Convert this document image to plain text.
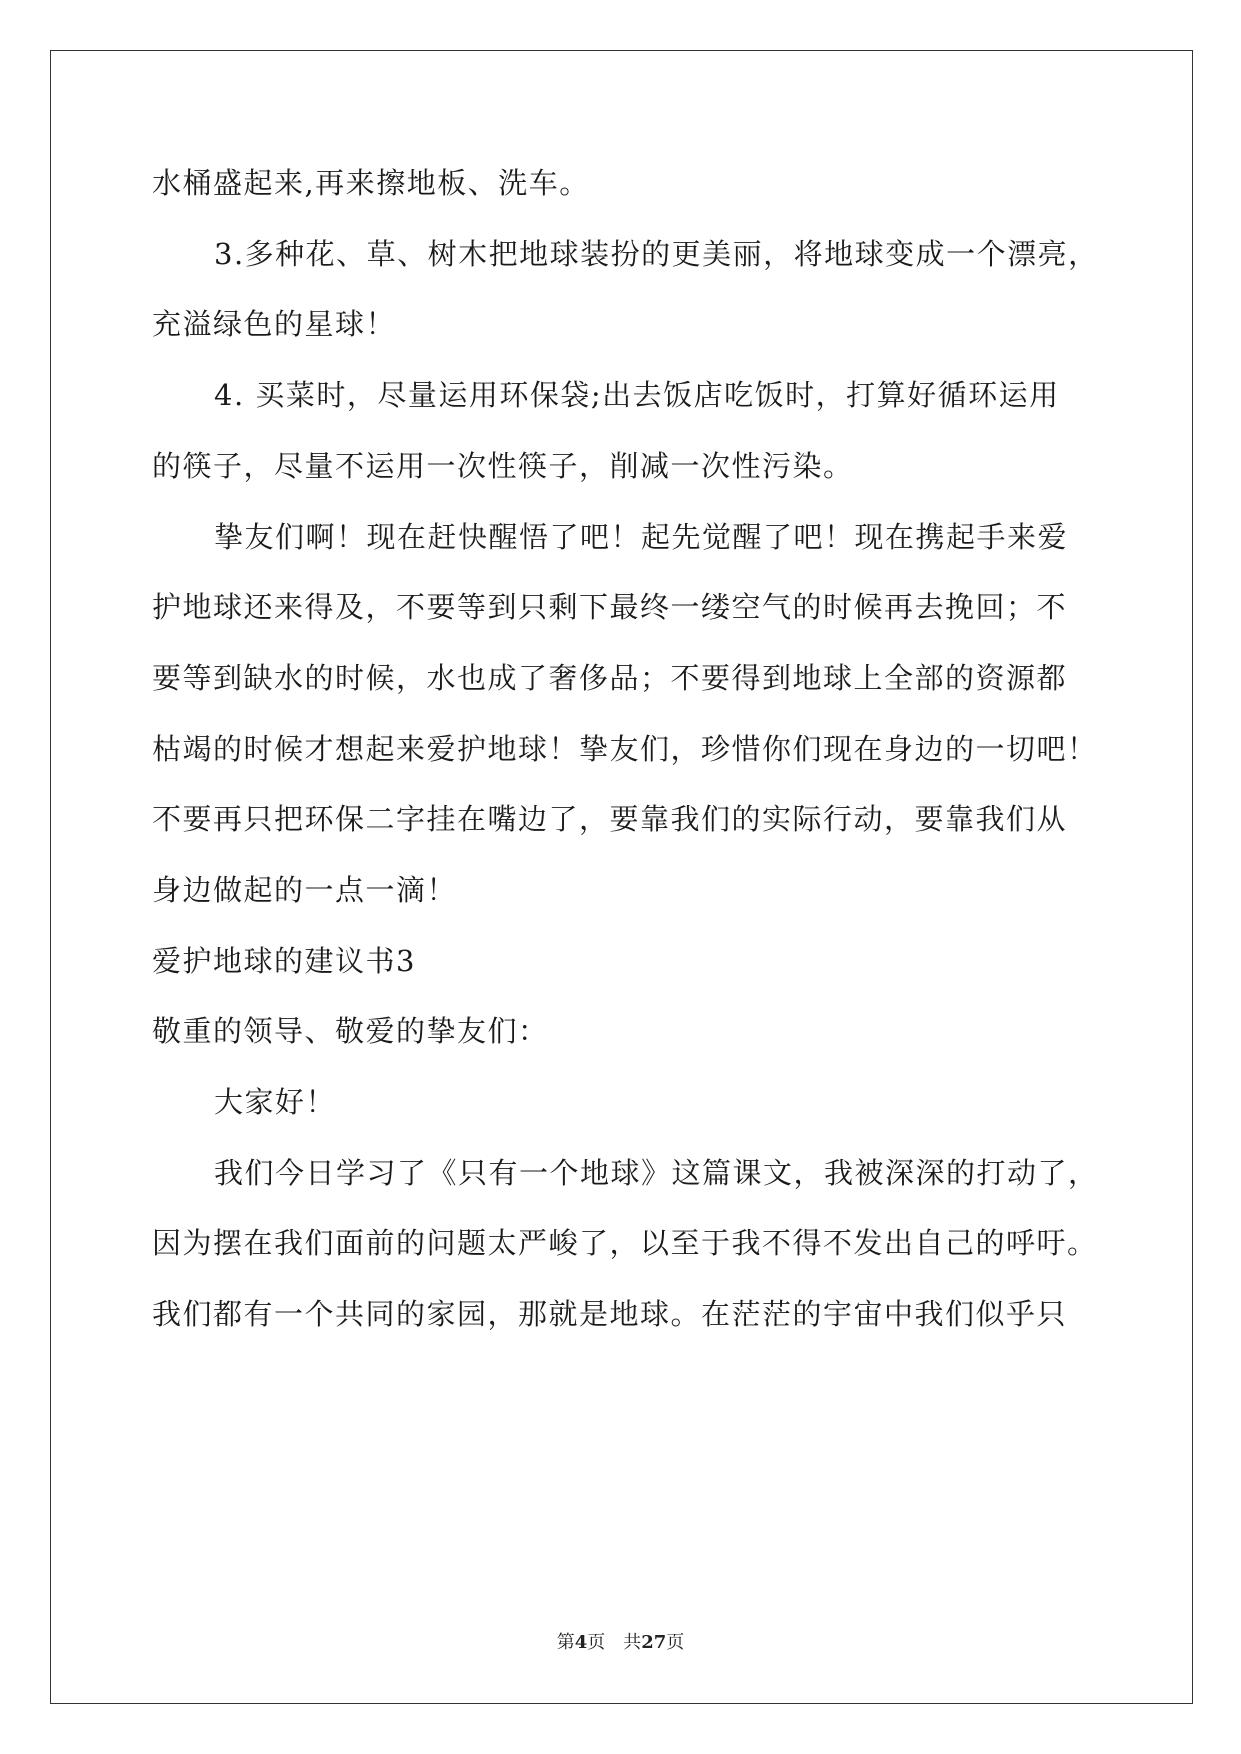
水桶盛起来,再来擦地板、洗车。
3.多种花、草、树木把地球装扮的更美丽，将地球变成一个漂亮，
充溢绿色的星球！
4. 买菜时，尽量运用环保袋;出去饭店吃饭时，打算好循环运用
的筷子，尽量不运用一次性筷子，削减一次性污染。
挚友们啊！现在赶快醒悟了吧！起先觉醒了吧！现在携起手来爱
护地球还来得及，不要等到只剩下最终一缕空气的时候再去挽回；不
要等到缺水的时候，水也成了奢侈品；不要得到地球上全部的资源都
枯竭的时候才想起来爱护地球！挚友们，珍惜你们现在身边的一切吧！
不要再只把环保二字挂在嘴边了，要靠我们的实际行动，要靠我们从
身边做起的一点一滴！
爱护地球的建议书3
敬重的领导、敬爱的挚友们：
大家好！
我们今日学习了《只有一个地球》这篇课文，我被深深的打动了，
因为摆在我们面前的问题太严峻了，以至于我不得不发出自己的呼吁。
我们都有一个共同的家园，那就是地球。在茫茫的宇宙中我们似乎只
第4页　共27页
